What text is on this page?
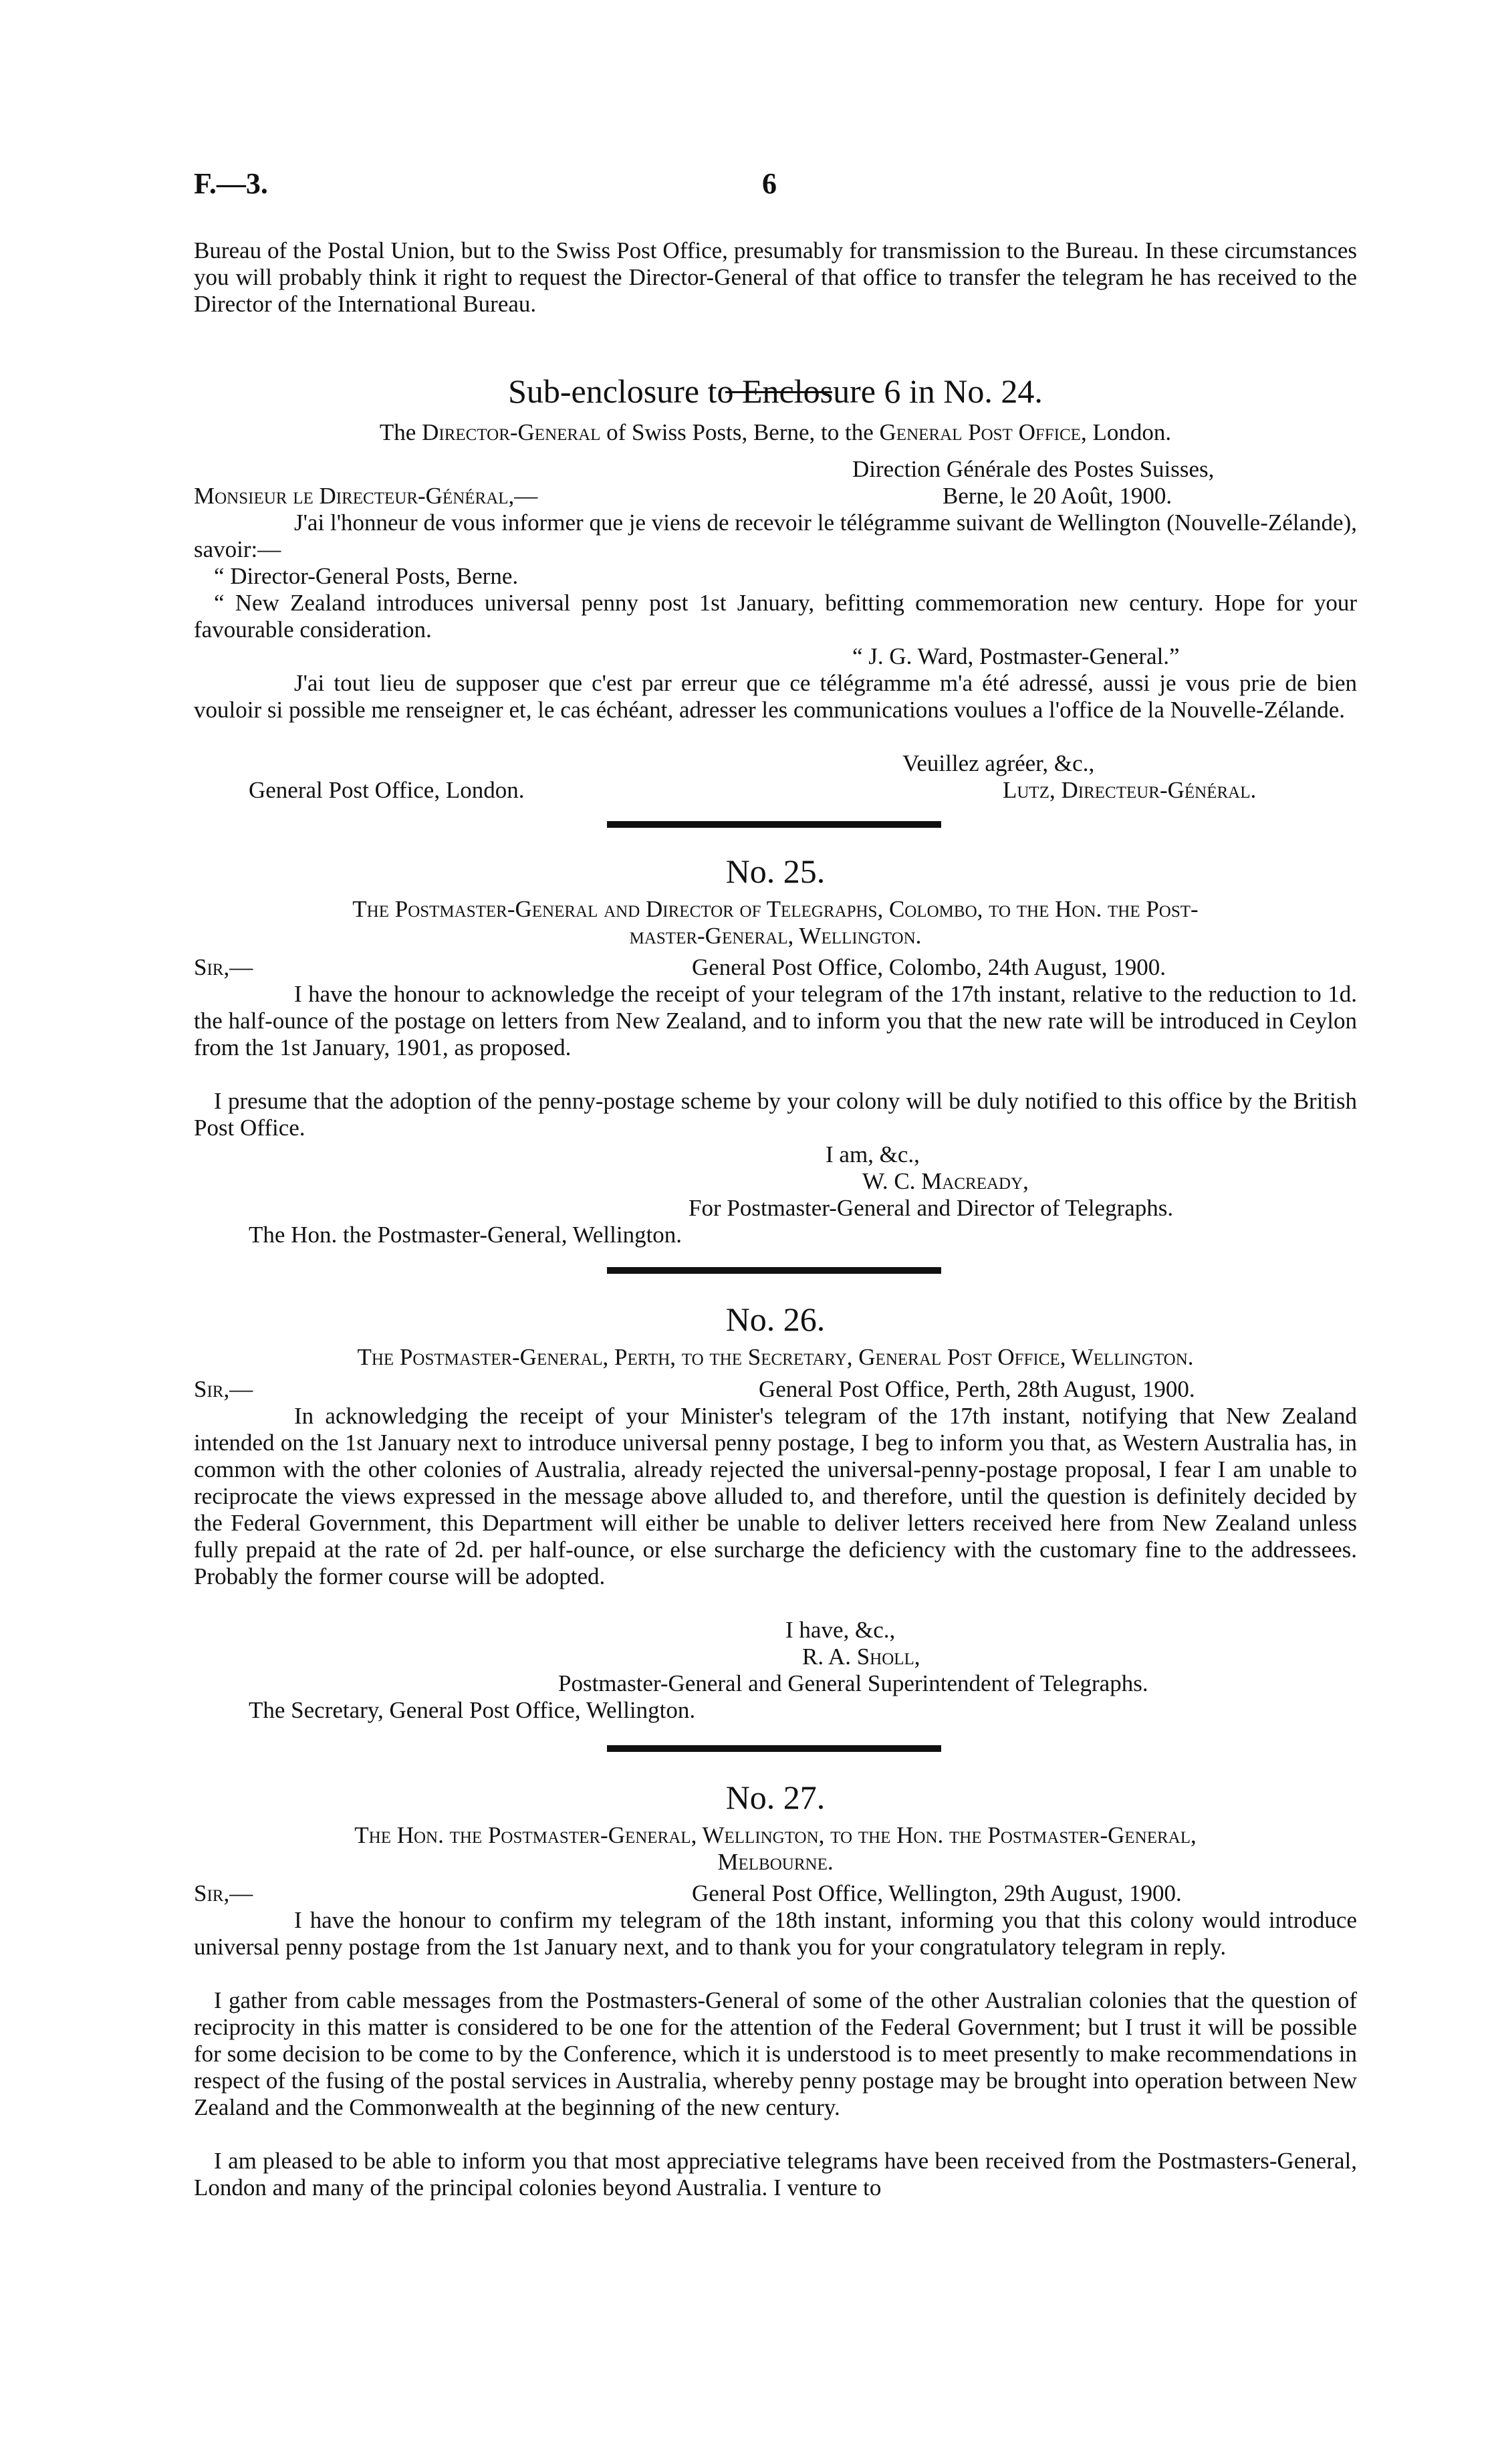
F.—3.	6
Bureau of the Postal Union, but to the Swiss Post Office, presumably for transmission to the Bureau. In these circumstances you will probably think it right to request the Director-General of that office to transfer the telegram he has received to the Director of the International Bureau.
Sub-enclosure to Enclosure 6 in No. 24.
The Director-General of Swiss Posts, Berne, to the General Post Office, London.
Direction Générale des Postes Suisses,
Monsieur le Directeur-Général,—	Berne, le 20 Août, 1900.
J'ai l'honneur de vous informer que je viens de recevoir le télégramme suivant de Wellington (Nouvelle-Zélande), savoir:—
“ Director-General Posts, Berne.
“ New Zealand introduces universal penny post 1st January, befitting commemoration new century. Hope for your favourable consideration.
“ J. G. Ward, Postmaster-General.”
J'ai tout lieu de supposer que c'est par erreur que ce télégramme m'a été adressé, aussi je vous prie de bien vouloir si possible me renseigner et, le cas échéant, adresser les communications voulues a l'office de la Nouvelle-Zélande.
Veuillez agréer, &c.,
General Post Office, London.	Lutz, Directeur-Général.
No. 25.
The Postmaster-General and Director of Telegraphs, Colombo, to the Hon. the Post-
master-General, Wellington.
Sir,—	General Post Office, Colombo, 24th August, 1900.
I have the honour to acknowledge the receipt of your telegram of the 17th instant, relative to the reduction to 1d. the half-ounce of the postage on letters from New Zealand, and to inform you that the new rate will be introduced in Ceylon from the 1st January, 1901, as proposed.
I presume that the adoption of the penny-postage scheme by your colony will be duly notified to this office by the British Post Office.
I am, &c.,
W. C. Macready,
For Postmaster-General and Director of Telegraphs.
The Hon. the Postmaster-General, Wellington.
No. 26.
The Postmaster-General, Perth, to the Secretary, General Post Office, Wellington.
Sir,—	General Post Office, Perth, 28th August, 1900.
In acknowledging the receipt of your Minister's telegram of the 17th instant, notifying that New Zealand intended on the 1st January next to introduce universal penny postage, I beg to inform you that, as Western Australia has, in common with the other colonies of Australia, already rejected the universal-penny-postage proposal, I fear I am unable to reciprocate the views expressed in the message above alluded to, and therefore, until the question is definitely decided by the Federal Government, this Department will either be unable to deliver letters received here from New Zealand unless fully prepaid at the rate of 2d. per half-ounce, or else surcharge the deficiency with the customary fine to the addressees. Probably the former course will be adopted.
I have, &c.,
R. A. Sholl,
Postmaster-General and General Superintendent of Telegraphs.
The Secretary, General Post Office, Wellington.
No. 27.
The Hon. the Postmaster-General, Wellington, to the Hon. the Postmaster-General,
Melbourne.
Sir,—	General Post Office, Wellington, 29th August, 1900.
I have the honour to confirm my telegram of the 18th instant, informing you that this colony would introduce universal penny postage from the 1st January next, and to thank you for your congratulatory telegram in reply.
I gather from cable messages from the Postmasters-General of some of the other Australian colonies that the question of reciprocity in this matter is considered to be one for the attention of the Federal Government; but I trust it will be possible for some decision to be come to by the Conference, which it is understood is to meet presently to make recommendations in respect of the fusing of the postal services in Australia, whereby penny postage may be brought into operation between New Zealand and the Commonwealth at the beginning of the new century.
I am pleased to be able to inform you that most appreciative telegrams have been received from the Postmasters-General, London and many of the principal colonies beyond Australia. I venture to
